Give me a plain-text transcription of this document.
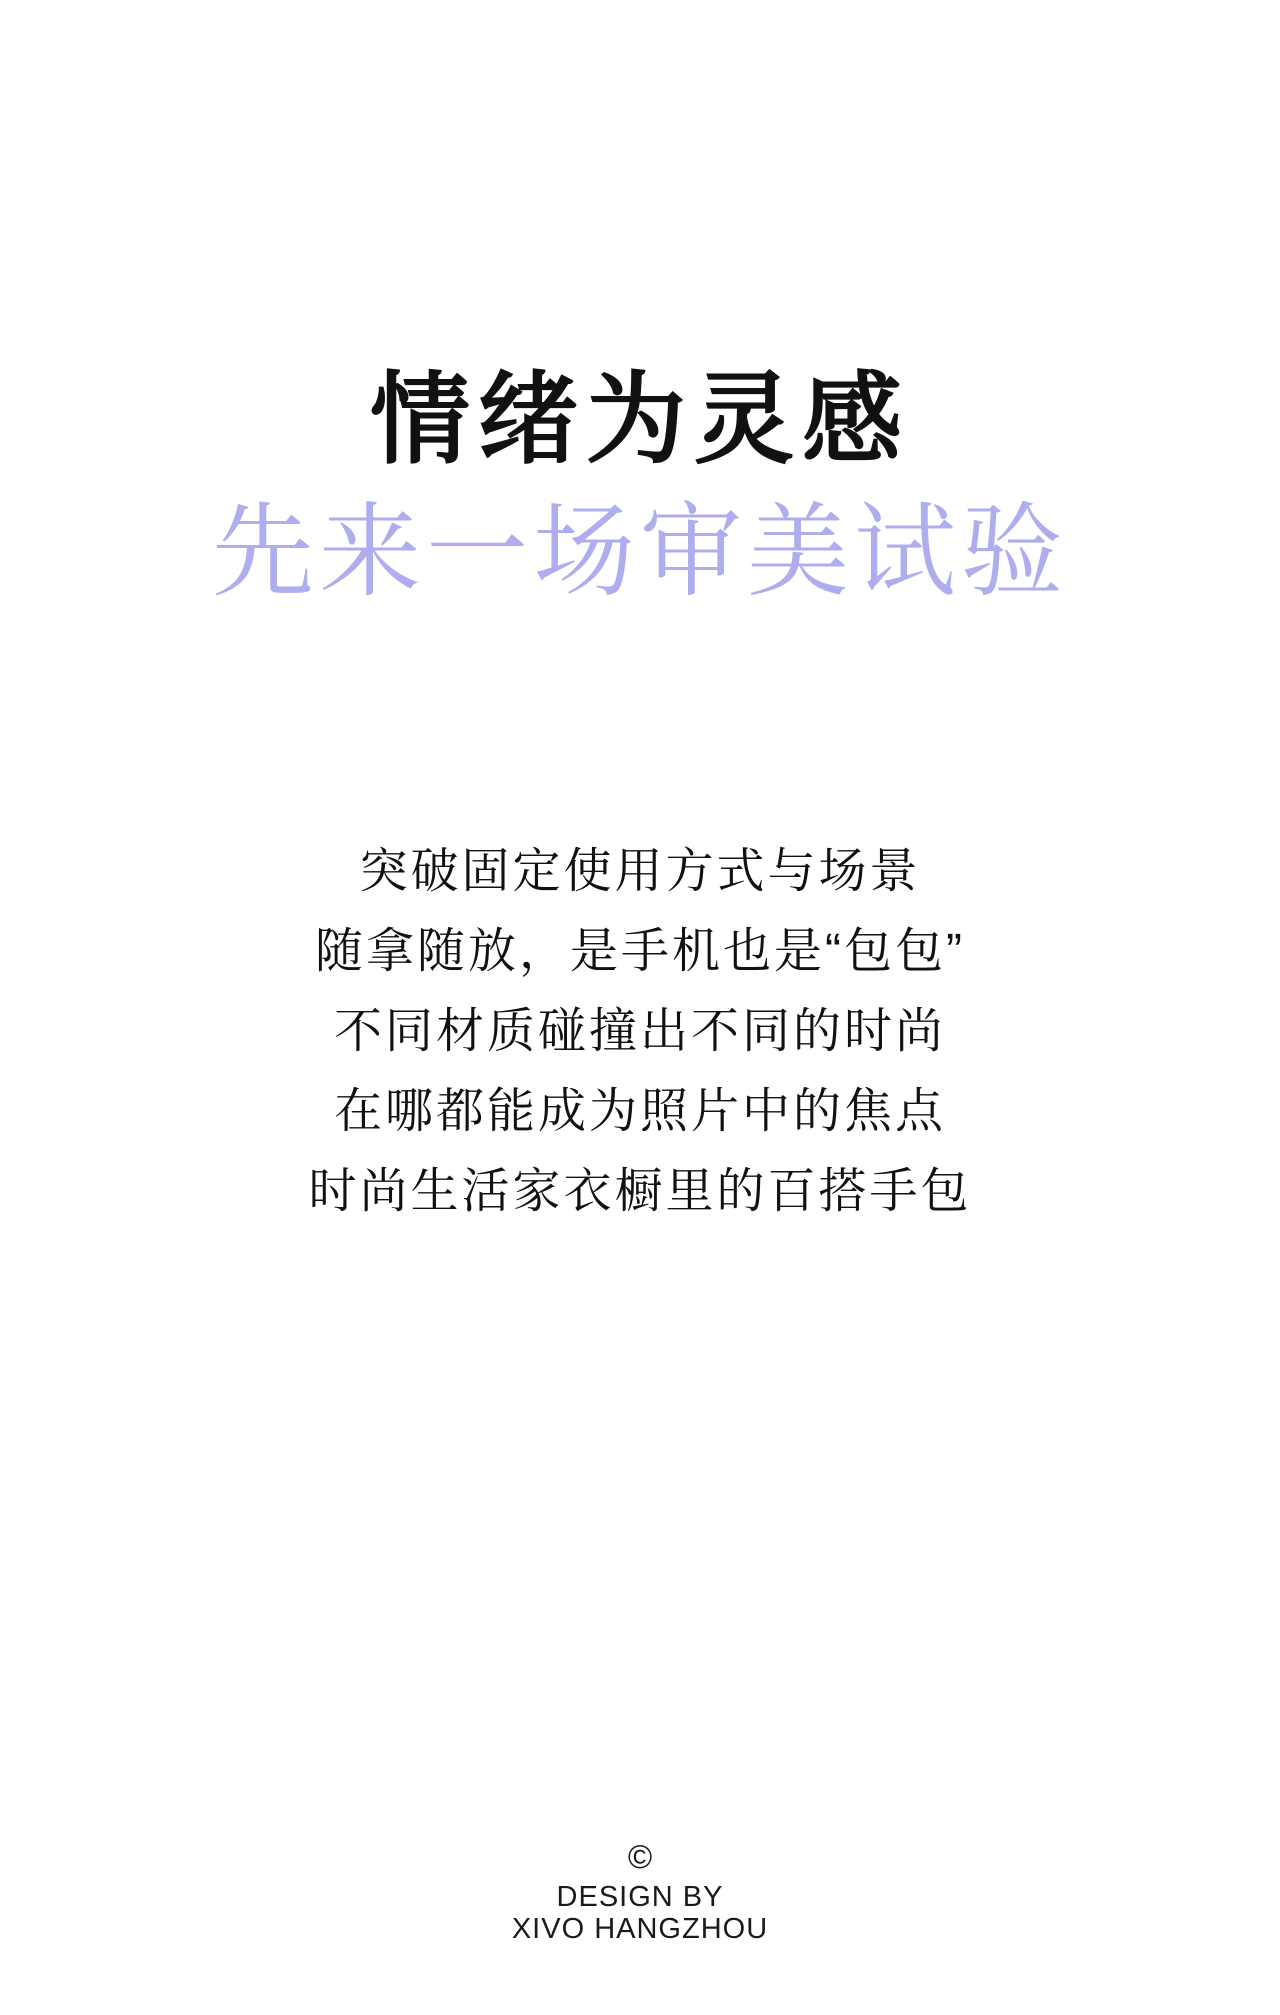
情绪为灵感
先来一场审美试验

突破固定使用方式与场景

随拿随放，是手机也是“包包”

不同材质碰撞出不同的时尚

在哪都能成为照片中的焦点

时尚生活家衣橱里的百搭手包

©
DESIGN BY
XIVO HANGZHOU
